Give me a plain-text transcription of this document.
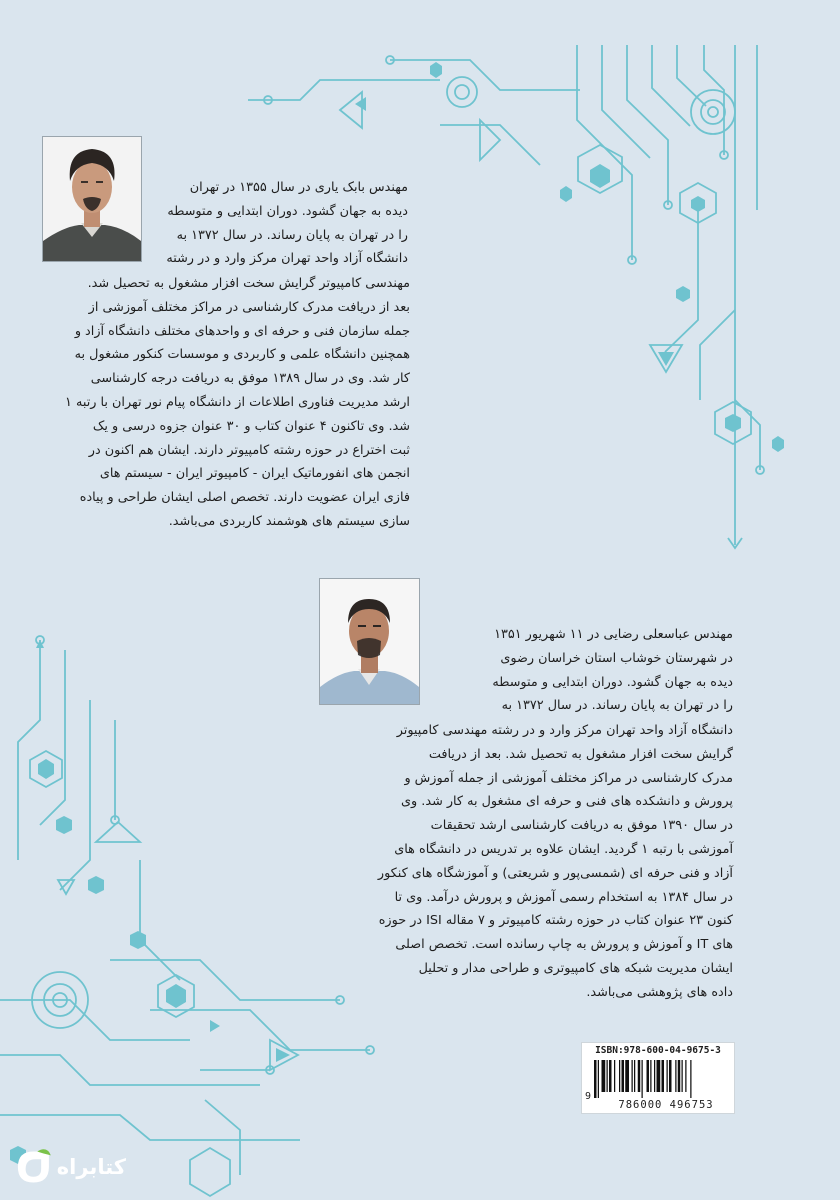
مهندس بابک یاری در سال ۱۳۵۵ در تهران
دیده به جهان گشود. دوران ابتدایی و متوسطه
را در تهران به پایان رساند. در سال ۱۳۷۲ به
دانشگاه آزاد واحد تهران مرکز وارد و در رشته
مهندسی کامپیوتر گرایش سخت افزار مشغول به تحصیل شد.
بعد از دریافت مدرک کارشناسی در مراکز مختلف آموزشی از
جمله سازمان فنی و حرفه ای و واحدهای مختلف دانشگاه آزاد و
همچنین دانشگاه علمی و کاربردی و موسسات کنکور مشغول به
کار شد. وی در سال ۱۳۸۹ موفق به دریافت درجه کارشناسی
ارشد مدیریت فناوری اطلاعات از دانشگاه پیام نور تهران با رتبه ۱
شد. وی تاکنون ۴ عنوان کتاب و ۳۰ عنوان جزوه درسی و یک
ثبت اختراع در حوزه رشته کامپیوتر دارند. ایشان هم اکنون در
انجمن های انفورماتیک ایران - کامپیوتر ایران - سیستم های
فازی ایران عضویت دارند. تخصص اصلی ایشان طراحی و پیاده
سازی سیستم های هوشمند کاربردی می‌باشد.
مهندس عباسعلی رضایی در ۱۱ شهریور ۱۳۵۱
در شهرستان خوشاب استان خراسان رضوی
دیده به جهان گشود. دوران ابتدایی و متوسطه
را در تهران به پایان رساند. در سال ۱۳۷۲ به
دانشگاه آزاد واحد تهران مرکز وارد و در رشته مهندسی کامپیوتر
گرایش سخت افزار مشغول به تحصیل شد. بعد از دریافت
مدرک کارشناسی در مراکز مختلف آموزشی از جمله آموزش و
پرورش و دانشکده های فنی و حرفه ای مشغول به کار شد. وی
در سال ۱۳۹۰ موفق به دریافت کارشناسی ارشد تحقیقات
آموزشی با رتبه ۱ گردید. ایشان علاوه بر تدریس در دانشگاه های
آزاد و فنی حرفه ای (شمسی‌پور و شریعتی) و آموزشگاه های کنکور
در سال ۱۳۸۴ به استخدام رسمی آموزش و پرورش درآمد. وی تا
کنون ۲۳ عنوان کتاب در حوزه رشته کامپیوتر و ۷ مقاله ISI در حوزه
های IT و آموزش و پرورش به چاپ رسانده است. تخصص اصلی
ایشان مدیریت شبکه های کامپیوتری و طراحی مدار و تحلیل
داده های پژوهشی می‌باشد.
ISBN:978-600-04-9675-3
9
786000 496753
کتابراه
